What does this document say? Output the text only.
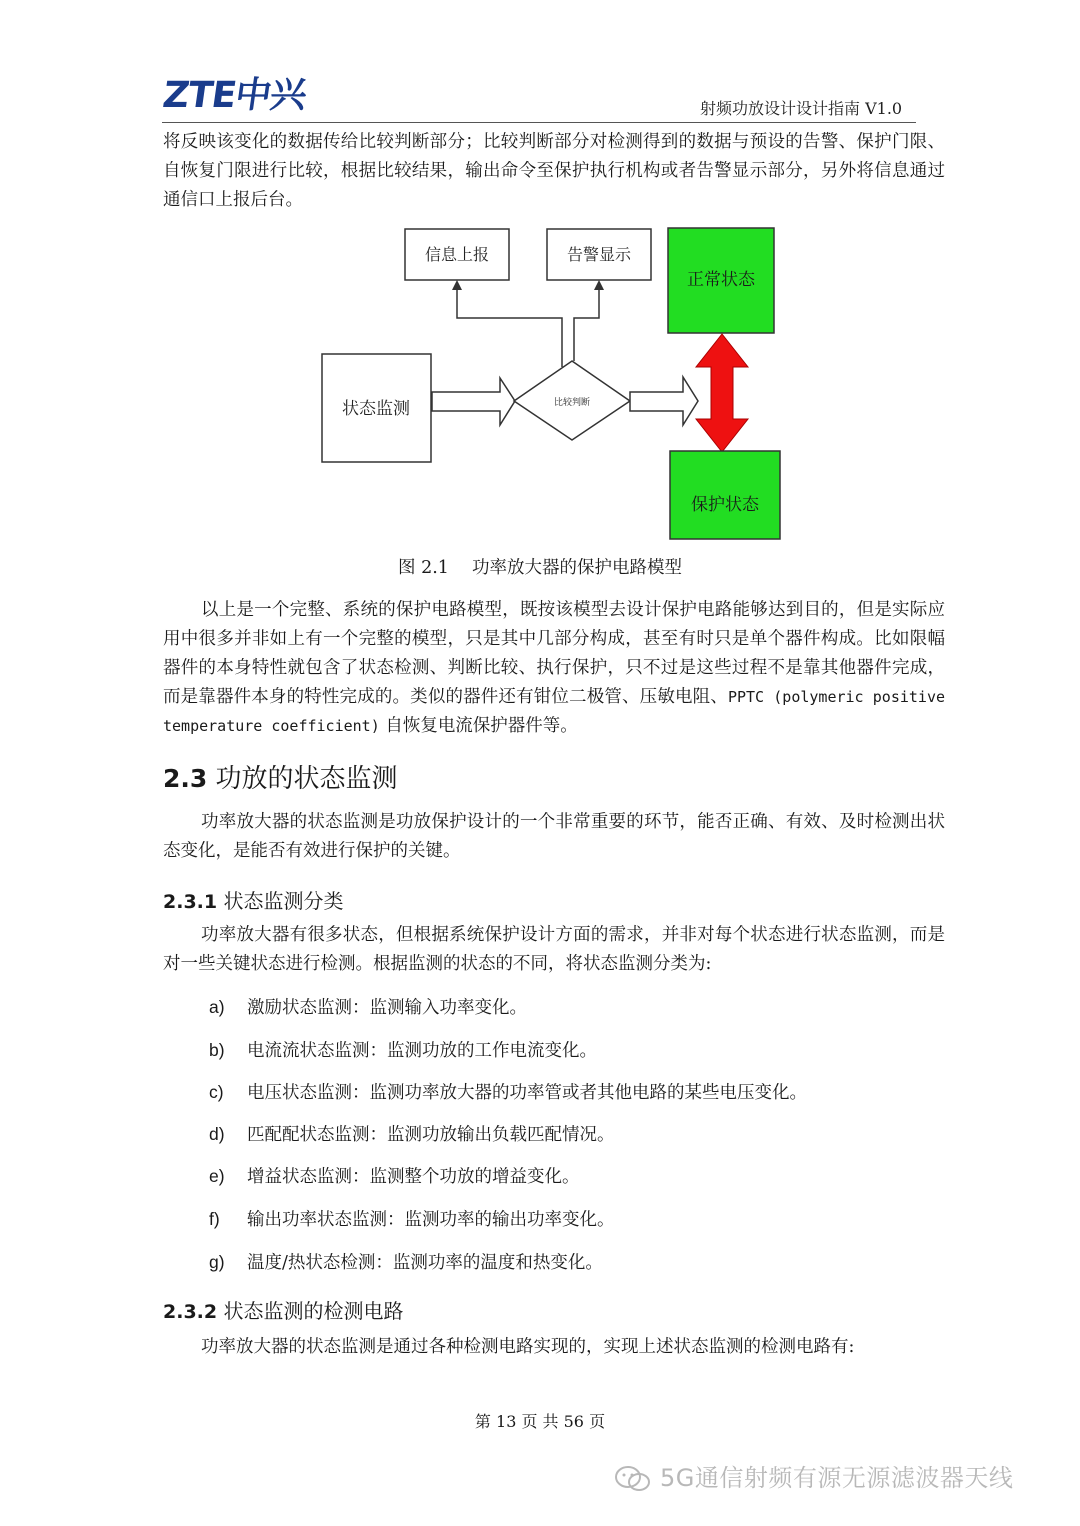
ZTE中兴	射频功放设计设计指南 V1.0

将反映该变化的数据传给比较判断部分；比较判断部分对检测得到的数据与预设的告警、保护门限、自恢复门限进行比较，根据比较结果，输出命令至保护执行机构或者告警显示部分，另外将信息通过通信口上报后台。

信息上报	告警显示
正常状态
状态监测	比较判断
保护状态
图 2.1　 功率放大器的保护电路模型

以上是一个完整、系统的保护电路模型，既按该模型去设计保护电路能够达到目的，但是实际应用中很多并非如上有一个完整的模型，只是其中几部分构成，甚至有时只是单个器件构成。比如限幅器件的本身特性就包含了状态检测、判断比较、执行保护，只不过是这些过程不是靠其他器件完成，而是靠器件本身的特性完成的。类似的器件还有钳位二极管、压敏电阻、PPTC (polymeric positive temperature coefficient) 自恢复电流保护器件等。

2.3 功放的状态监测

功率放大器的状态监测是功放保护设计的一个非常重要的环节，能否正确、有效、及时检测出状态变化，是能否有效进行保护的关键。

2.3.1 状态监测分类

功率放大器有很多状态，但根据系统保护设计方面的需求，并非对每个状态进行状态监测，而是对一些关键状态进行检测。根据监测的状态的不同，将状态监测分类为:

a) 激励状态监测：监测输入功率变化。
b) 电流流状态监测：监测功放的工作电流变化。
c) 电压状态监测：监测功率放大器的功率管或者其他电路的某些电压变化。
d) 匹配配状态监测：监测功放输出负载匹配情况。
e) 增益状态监测：监测整个功放的增益变化。
f) 输出功率状态监测：监测功率的输出功率变化。
g) 温度/热状态检测：监测功率的温度和热变化。
2.3.2 状态监测的检测电路

功率放大器的状态监测是通过各种检测电路实现的，实现上述状态监测的检测电路有:

第 13 页 共 56 页
5G通信射频有源无源滤波器天线
